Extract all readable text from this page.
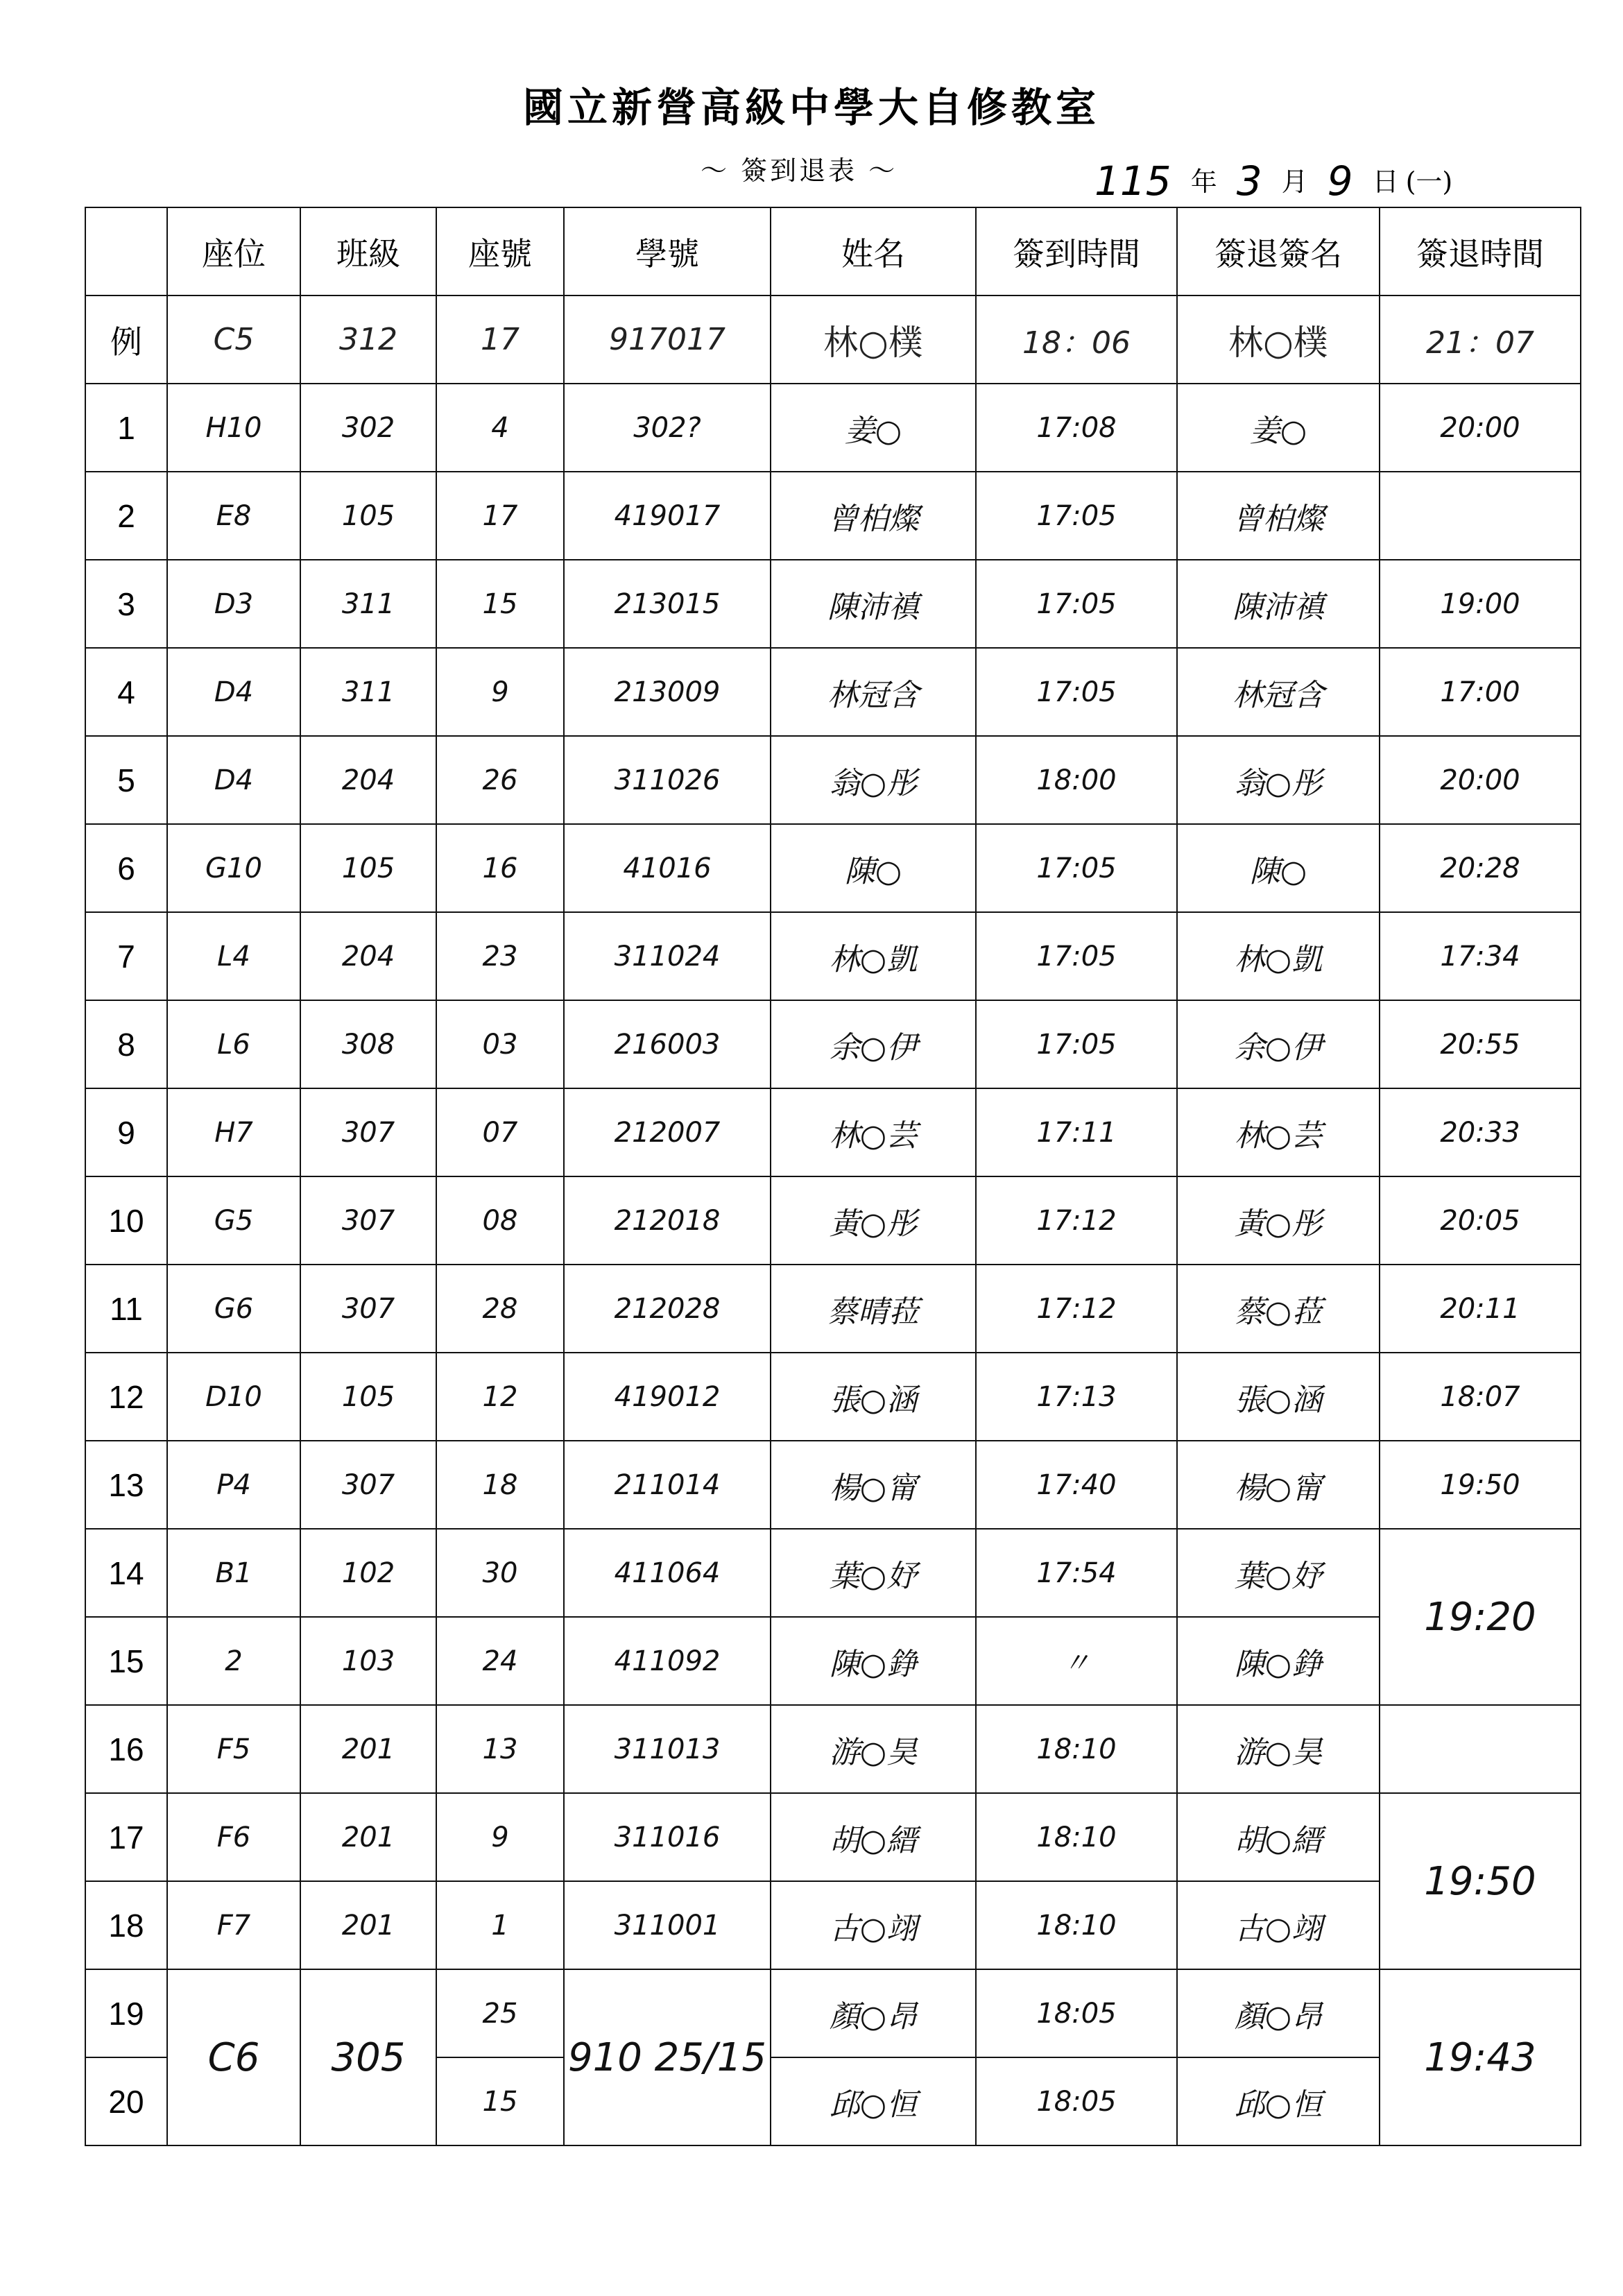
國立新營高級中學大自修教室
～ 簽到退表 ～	115 年 3 月 9 日 (一)
	座位	班級	座號	學號	姓名	簽到時間	簽退簽名	簽退時間
例	C5	312	17	917017	林○樸	18：06	林○樸	21：07
1	H10	302	4	302?	姜○	17:08	姜○	20:00
2	E8	105	17	419017	曾柏燦	17:05	曾柏燦	
3	D3	311	15	213015	陳沛禛	17:05	陳沛禛	19:00
4	D4	311	9	213009	林冠含	17:05	林冠含	17:00
5	D4	204	26	311026	翁○彤	18:00	翁○彤	20:00
6	G10	105	16	41016	陳○	17:05	陳○	20:28
7	L4	204	23	311024	林○凱	17:05	林○凱	17:34
8	L6	308	03	216003	余○伊	17:05	余○伊	20:55
9	H7	307	07	212007	林○芸	17:11	林○芸	20:33
10	G5	307	08	212018	黃○彤	17:12	黃○彤	20:05
11	G6	307	28	212028	蔡晴菈	17:12	蔡○菈	20:11
12	D10	105	12	419012	張○涵	17:13	張○涵	18:07
13	P4	307	18	211014	楊○甯	17:40	楊○甯	19:50
14	B1	102	30	411064	葉○妤	17:54	葉○妤	19:20
15	2	103	24	411092	陳○錚	〃	陳○錚	
16	F5	201	13	311013	游○昊	18:10	游○昊	
17	F6	201	9	311016	胡○縉	18:10	胡○縉	19:50
18	F7	201	1	311001	古○翊	18:10	古○翊	
19	C6	305	25	910 25/15	顏○昂	18:05	顏○昂	19:43
20			15		邱○恒	18:05	邱○恒	
